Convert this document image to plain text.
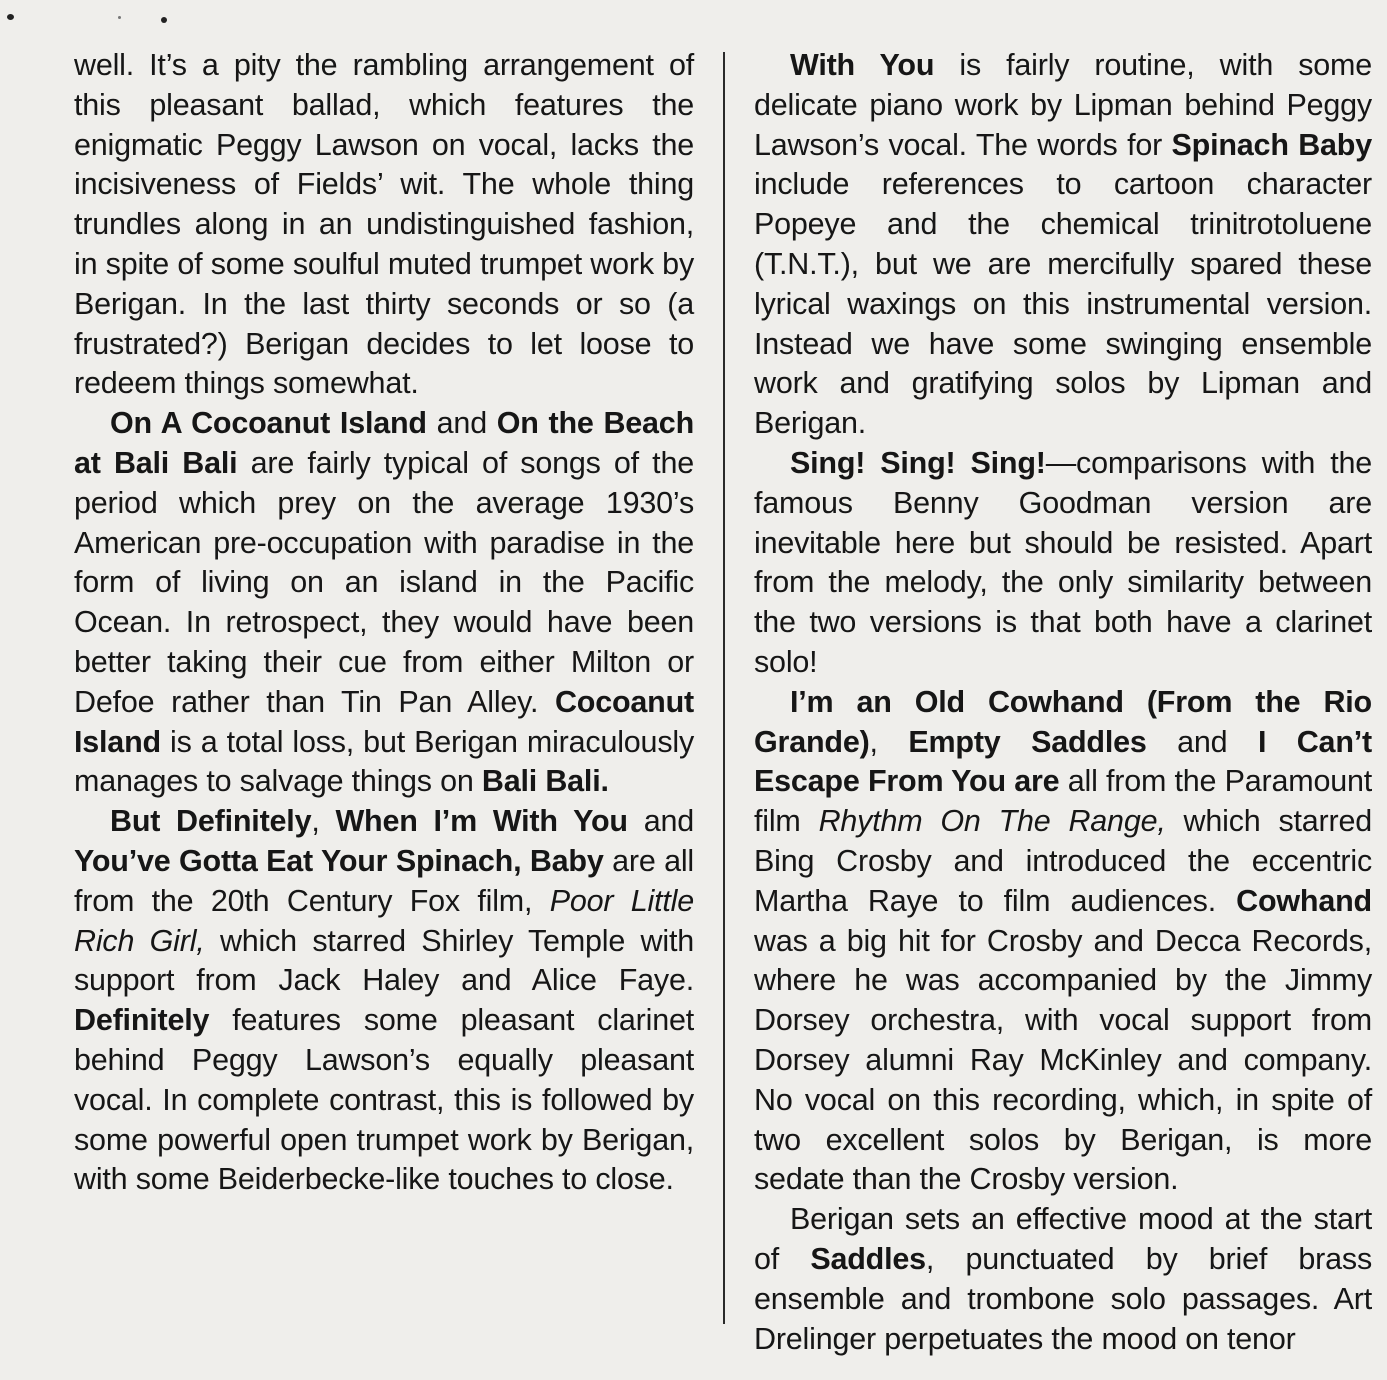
well. It’s a pity the rambling arrangement of this pleasant ballad, which features the enigmatic Peggy Lawson on vocal, lacks the incisiveness of Fields’ wit. The whole thing trundles along in an undistinguished fashion, in spite of some soulful muted trumpet work by Berigan. In the last thirty seconds or so (a frustrated?) Berigan decides to let loose to redeem things somewhat.

On A Cocoanut Island and On the Beach at Bali Bali are fairly typical of songs of the period which prey on the average 1930’s American pre-occupation with paradise in the form of living on an island in the Pacific Ocean. In retrospect, they would have been better taking their cue from either Milton or Defoe rather than Tin Pan Alley. Cocoanut Island is a total loss, but Berigan miraculously manages to salvage things on Bali Bali.

But Definitely, When I’m With You and You’ve Gotta Eat Your Spinach, Baby are all from the 20th Century Fox film, Poor Little Rich Girl, which starred Shirley Temple with support from Jack Haley and Alice Faye. Definitely features some pleasant clarinet behind Peggy Lawson’s equally pleasant vocal. In complete contrast, this is followed by some powerful open trumpet work by Berigan, with some Beiderbecke-like touches to close.

With You is fairly routine, with some delicate piano work by Lipman behind Peggy Lawson’s vocal. The words for Spinach Baby include references to cartoon character Popeye and the chemical trinitrotoluene (T.N.T.), but we are mercifully spared these lyrical waxings on this instrumental version. Instead we have some swinging ensemble work and gratifying solos by Lipman and Berigan.

Sing! Sing! Sing!—comparisons with the famous Benny Goodman version are inevitable here but should be resisted. Apart from the melody, the only similarity between the two versions is that both have a clarinet solo!

I’m an Old Cowhand (From the Rio Grande), Empty Saddles and I Can’t Escape From You are all from the Paramount film Rhythm On The Range, which starred Bing Crosby and introduced the eccentric Martha Raye to film audiences. Cowhand was a big hit for Crosby and Decca Records, where he was accompanied by the Jimmy Dorsey orchestra, with vocal support from Dorsey alumni Ray McKinley and company. No vocal on this recording, which, in spite of two excellent solos by Berigan, is more sedate than the Crosby version.

Berigan sets an effective mood at the start of Saddles, punctuated by brief brass ensemble and trombone solo passages. Art Drelinger perpetuates the mood on tenor
